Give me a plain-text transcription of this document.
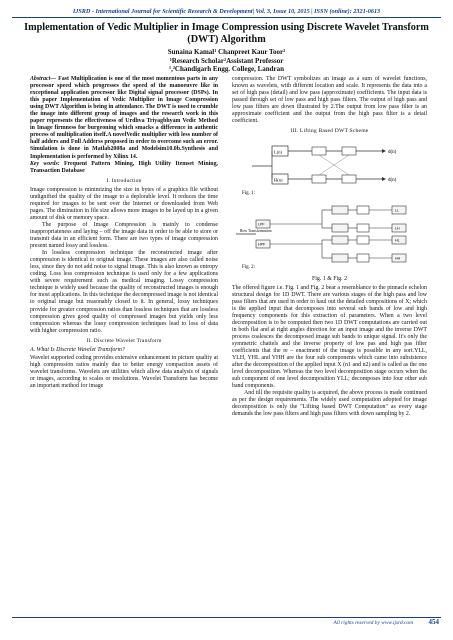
IJSRD - International Journal for Scientific Research & Development| Vol. 3, Issue 10, 2015 | ISSN (online): 2321-0613
Implementation of Vedic Multiplier in Image Compression using Discrete Wavelet Transform (DWT) Algorithm
Sunaina Kamal¹ Chanpreet Kaur Toor²
¹Research Scholar²Assistant Professor
¹,²Chandigarh Engg. College, Landran

Abstract— Fast Multiplication is one of the most momentous parts in any processor speed which progresses the speed of the manoeuvre like in exceptional application processor like Digital signal processor (DSPs). In this paper Implementation of Vedic Multiplier in Image Compression using DWT Algorithm is being in attendance. The DWT is used to crumble the image into different group of images and the research work in this paper represents the effectiveness of Urdhva Triyagbhyam Vedic Method in Image firmness for burgeoning which smacks a difference in authentic process of multiplication itself.A novelVedic multiplier with less number of half adders and Full Adderss proposed in order to overcome such an error. Simulation is done in Matlab2008a and Modelsim10.0b.Synthesis and Implementation is performed by Xilinx 14.

Key words: Frequent Pattern Mining, High Utility Itemset Mining, Transaction Database

I. Introduction

Image compression is minimizing the size in bytes of a graphics file without undignified the quality of the image to a deplorable level. It reduces the time required for images to be sent over the Internet or downloaded from Web pages. The diminution in file size allows more images to be layed up in a given amount of disk or memory space.

The purpose of Image Compression is mainly to condense inappropriateness and laying – off the image data in order to be able to store or transmit data in an efficient form. There are two types of image compression present named lossy and lossless.

In lossless compression technique the reconstructed image after compression is identical to original image. These images are also called noise less, since they do not add noise to signal image. This is also known as entropy coding. Loss less compression technique is used only for a few applications with severe requirement such as medical imaging. Lossy compression technique is widely used because the quality of reconstructed images is enough for most applications. In this technique the decompressed image is not identical to original image but reasonably closed to it. In general, lossy techniques provide for greater compression ratios than lossless techniques that are lossless compression gives good quality of compressed images but yields only less compression whereas the lossy compression techniques lead to loss of data with higher compression ratio.

II. Discrete Wavelet Transform

A. What Is Discrete Wavelet Transform?

Wavelet supported coding provides extensive enhancement in picture quality at high compression ratios mainly due to better energy compaction assets of wavelet transforms. Wavelets are utilities which allow data analysis of signals or images, according to scales or resolutions. Wavelet Transform has become an important method for image

compression. The DWT symbolizes an image as a sum of wavelet functions, known as wavelets, with different location and scale. It represents the data into a set of high pass (detail) and low pass (approximate) coefficients. The input data is passed through set of low pass and high pass filters. The output of high pass and low pass filters are down illustrated by 2.The output from low pass filter is an approximate coefficient and the output from the high pass filter is a detail coefficient.

III. Lifting Based DWT Scheme

L(n)
H(n)
d(n)
d(n)
Fig. 1:
LPF
HPF
Row Transformation
LL
LH
HL
HH
Fig. 2:

Fig. 1 & Fig. 2

The offered figure i.e. Fig. 1 and Fig. 2 bear a resemblance to the pinnacle echelon structural design for 1D DWT. There are various stages of the high pass and low pass filters that are used in order to haul out the detailed compositions of X; which is the applied input that decomposes into several sub bands of low and high frequency components for this extraction of parameters. When a two level decomposition is to be computed then two 1D DWT computations are carried out in both flat and at right angles direction for an input image and the inverse DWT process coalesces the decomposed image sub bands to unique signal. It's only the symmetric chattels and the inverse property of low pas and high pas filter coefficients that the re – enactment of the image is possible in any sort.YLL, YLH, YHL and YHH are the four sub components which came into subsistence after the decomposition of the applied input X (n1 and n2) and is called as the one level decomposition. Whereas the two level decomposition stage occurs when the sub component of one level decomposition YLL; decomposes into four other sub band components.

And till the requisite quality is acquired, the above process is made continued as per the design requirements. The widely used computation adopted for image decomposition is only the "Lifting based DWT Computation" as every stage demands the low pass filters and high pass filters with down sampling by 2.

All rights reserved by www.ijsrd.com 454
